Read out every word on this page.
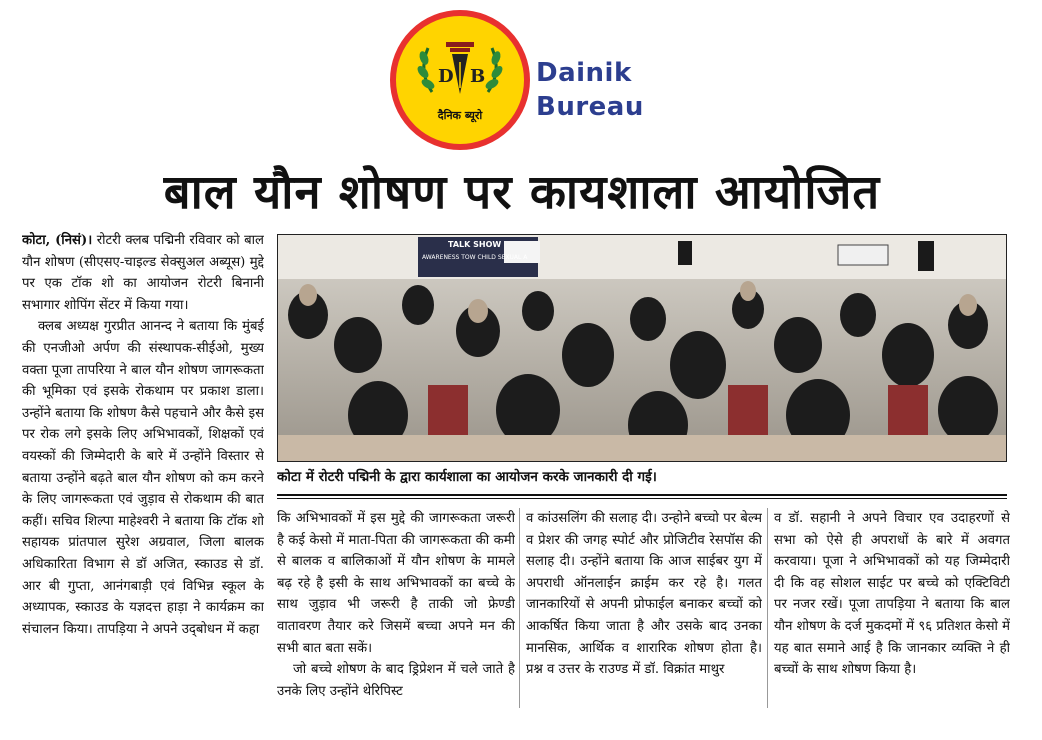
D B
दैनिक ब्यूरो
Dainik
Bureau
बाल यौन शोषण पर कायशाला आयोजित

कोटा, (निसं)। रोटरी क्लब पद्मिनी रविवार को बाल यौन शोषण (सीएसए-चाइल्ड सेक्सुअल अब्यूस) मुद्दे पर एक टॉक शो का आयोजन रोटरी बिनानी सभागार शोपिंग सेंटर में किया गया।

क्लब अध्यक्ष गुरप्रीत आनन्द ने बताया कि मुंबई की एनजीओ अर्पण की संस्थापक-सीईओ, मुख्य वक्ता पूजा तापरिया ने बाल यौन शोषण जागरूकता की भूमिका एवं इसके रोकथाम पर प्रकाश डाला। उन्होंने बताया कि शोषण कैसे पहचाने और कैसे इस पर रोक लगे इसके लिए अभिभावकों, शिक्षकों एवं वयस्कों की जिम्मेदारी के बारे में उन्होंने विस्तार से बताया उन्होंने बढ़ते बाल यौन शोषण को कम करने के लिए जागरूकता एवं जुड़ाव से रोकथाम की बात कहीं। सचिव शिल्पा माहेश्वरी ने बताया कि टॉक शो सहायक प्रांतपाल सुरेश अग्रवाल, जिला बालक अधिकारिता विभाग से डॉ अजित, स्काउड से डॉ. आर बी गुप्ता, आनंगबाड़ी एवं विभिन्न स्कूल के अध्यापक, स्काउड के यज्ञदत्त हाड़ा ने कार्यक्रम का संचालन किया। तापड़िया ने अपने उद्‌बोधन में कहा

TALK SHOW
AWARENESS TOW CHILD SEXUAL A
कोटा में रोटरी पद्मिनी के द्वारा कार्यशाला का आयोजन करके जानकारी दी गई।

कि अभिभावकों में इस मुद्दे की जागरूकता जरूरी है कई केसो में माता-पिता की जागरूकता की कमी से बालक व बालिकाओं में यौन शोषण के मामले बढ़ रहे है इसी के साथ अभिभावकों का बच्चे के साथ जुड़ाव भी जरूरी है ताकी जो फ्रेण्डी वातावरण तैयार करे जिसमें बच्चा अपने मन की सभी बात बता सकें।

जो बच्चे शोषण के बाद ड्रिप्रेशन में चले जाते है उनके लिए उन्होंने थेरिपिस्ट

व कांउसलिंग की सलाह दी। उन्होने बच्चो पर बेल्म व प्रेशर की जगह स्पोर्ट और प्रोजिटीव रेसपॉस की सलाह दी। उन्होंने बताया कि आज साईबर युग में अपराधी ऑनलाईन क्राईम कर रहे है। गलत जानकारियों से अपनी प्रोफाईल बनाकर बच्चों को आकर्षित किया जाता है और उसके बाद उनका मानसिक, आर्थिक व शारारिक शोषण होता है। प्रश्न व उत्तर के राउण्ड में डॉ. विक्रांत माथुर

व डॉ. सहानी ने अपने विचार एव उदाहरणों से सभा को ऐसे ही अपराधों के बारे में अवगत करवाया। पूजा ने अभिभावकों को यह जिम्मेदारी दी कि वह सोशल साईट पर बच्चे को एक्टिविटी पर नजर रखें। पूजा तापड़िया ने बताया कि बाल यौन शोषण के दर्ज मुकदमों में ९६ प्रतिशत केसो में यह बात समाने आई है कि जानकार व्यक्ति ने ही बच्चों के साथ शोषण किया है।
